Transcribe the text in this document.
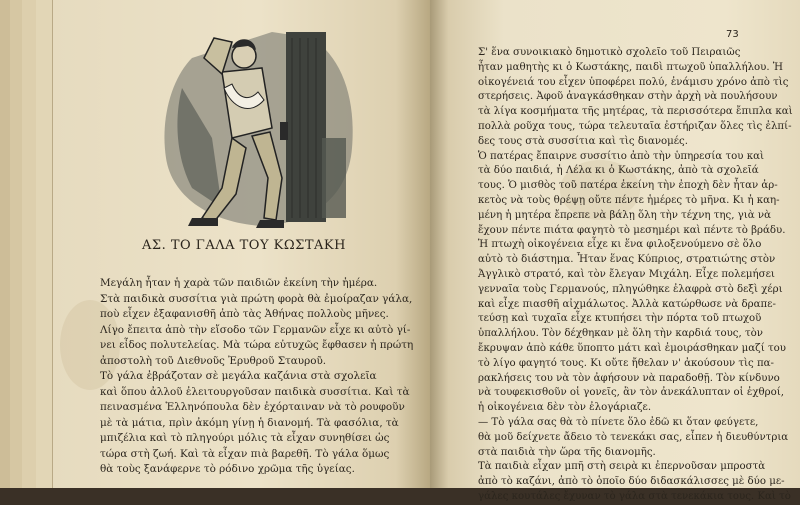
ΑΣ. ΤΟ ΓΑΛΑ ΤΟΥ ΚΩΣΤΑΚΗ

Μεγάλη ἦταν ἡ χαρὰ τῶν παιδιῶν ἐκείνη τὴν ἡμέρα.

Στὰ παιδικὰ συσσίτια γιὰ πρώτη φορὰ θὰ ἐμοίραζαν γάλα,

ποὺ εἶχεν ἐξαφανισθῆ ἀπὸ τὰς Ἀθήνας πολλοὺς μῆνες.

Λίγο ἔπειτα ἀπὸ τὴν εἴσοδο τῶν Γερμανῶν εἶχε κι αὐτὸ γί-

νει εἶδος πολυτελείας. Μὰ τώρα εὐτυχῶς ἔφθασεν ἡ πρώτη

ἀποστολὴ τοῦ Διεθνοῦς Ἐρυθροῦ Σταυροῦ.

Τὸ γάλα ἐβράζοταν σὲ μεγάλα καζάνια στὰ σχολεῖα

καὶ ὅπου ἀλλοῦ ἐλειτουργοῦσαν παιδικὰ συσσίτια. Καὶ τὰ

πεινασμένα Ἑλληνόπουλα δὲν ἐχόρταιναν νὰ τὸ ρουφοῦν

μὲ τὰ μάτια, πρὶν ἀκόμη γίνῃ ἡ διανομή. Τὰ φασόλια, τὰ

μπιζέλια καὶ τὸ πληγούρι μόλις τὰ εἶχαν συνηθίσει ὡς

τώρα στὴ ζωή. Καὶ τὰ εἶχαν πιὰ βαρεθῆ. Τὸ γάλα ὅμως

θὰ τοὺς ξανάφερνε τὸ ρόδινο χρῶμα τῆς ὑγείας.

73

Σ' ἕνα συνοικιακὸ δημοτικὸ σχολεῖο τοῦ Πειραιῶς

ἦταν μαθητὴς κι ὁ Κωστάκης, παιδὶ πτωχοῦ ὑπαλλήλου. Ἡ

οἰκογένειά του εἶχεν ὑποφέρει πολύ, ἐνάμισυ χρόνο ἀπὸ τὶς

στερήσεις. Ἀφοῦ ἀναγκάσθηκαν στὴν ἀρχὴ νὰ πουλήσουν

τὰ λίγα κοσμήματα τῆς μητέρας, τὰ περισσότερα ἔπιπλα καὶ

πολλὰ ροῦχα τους, τώρα τελευταῖα ἐστήριζαν ὅλες τὶς ἐλπί-

δες τους στὰ συσσίτια καὶ τὶς διανομές.

Ὁ πατέρας ἔπαιρνε συσσίτιο ἀπὸ τὴν ὑπηρεσία του καὶ

τὰ δύο παιδιά, ἡ Λέλα κι ὁ Κωστάκης, ἀπὸ τὰ σχολεῖά

τους. Ὁ μισθὸς τοῦ πατέρα ἐκείνη τὴν ἐποχὴ δὲν ἦταν ἀρ-

κετὸς νὰ τοὺς θρέψῃ οὔτε πέντε ἡμέρες τὸ μῆνα. Κι ἡ καη-

μένη ἡ μητέρα ἔπρεπε νὰ βάλῃ ὅλη τὴν τέχνη της, γιὰ νὰ

ἔχουν πέντε πιάτα φαγητὸ τὸ μεσημέρι καὶ πέντε τὸ βράδυ.

Ἡ πτωχὴ οἰκογένεια εἶχε κι ἕνα φιλοξενούμενο σὲ ὅλο

αὐτὸ τὸ διάστημα. Ἦταν ἕνας Κύπριος, στρατιώτης στὸν

Ἀγγλικὸ στρατό, καὶ τὸν ἔλεγαν Μιχάλη. Εἶχε πολεμήσει

γενναῖα τοὺς Γερμανούς, πληγώθηκε ἐλαφρὰ στὸ δεξὶ χέρι

καὶ εἶχε πιασθῆ αἰχμάλωτος. Ἀλλὰ κατώρθωσε νὰ δραπε-

τεύσῃ καὶ τυχαῖα εἶχε κτυπήσει τὴν πόρτα τοῦ πτωχοῦ

ὑπαλλήλου. Τὸν δέχθηκαν μὲ ὅλη τὴν καρδιά τους, τὸν

ἔκρυψαν ἀπὸ κάθε ὕποπτο μάτι καὶ ἐμοιράσθηκαν μαζί του

τὸ λίγο φαγητό τους. Κι οὔτε ἤθελαν ν' ἀκούσουν τὶς πα-

ρακλήσεις του νὰ τὸν ἀφήσουν νὰ παραδοθῇ. Τὸν κίνδυνο

νὰ τουφεκισθοῦν οἱ γονεῖς, ἂν τὸν ἀνεκάλυπταν οἱ ἐχθροί,

ἡ οἰκογένεια δὲν τὸν ἐλογάριαζε.

— Τὸ γάλα σας θὰ τὸ πίνετε ὅλο ἐδῶ κι ὅταν φεύγετε,

θὰ μοῦ δείχνετε ἄδειο τὸ τενεκάκι σας, εἶπεν ἡ διευθύντρια

στὰ παιδιὰ τὴν ὥρα τῆς διανομῆς.

Τὰ παιδιὰ εἶχαν μπῆ στὴ σειρὰ κι ἐπερνοῦσαν μπροστὰ

ἀπὸ τὸ καζάνι, ἀπὸ τὸ ὁποῖο δύο διδασκάλισσες μὲ δύο με-

γάλες κουτάλες ἔχυναν τὸ γάλα στὰ τενεκάκια τους. Καὶ τὸ
